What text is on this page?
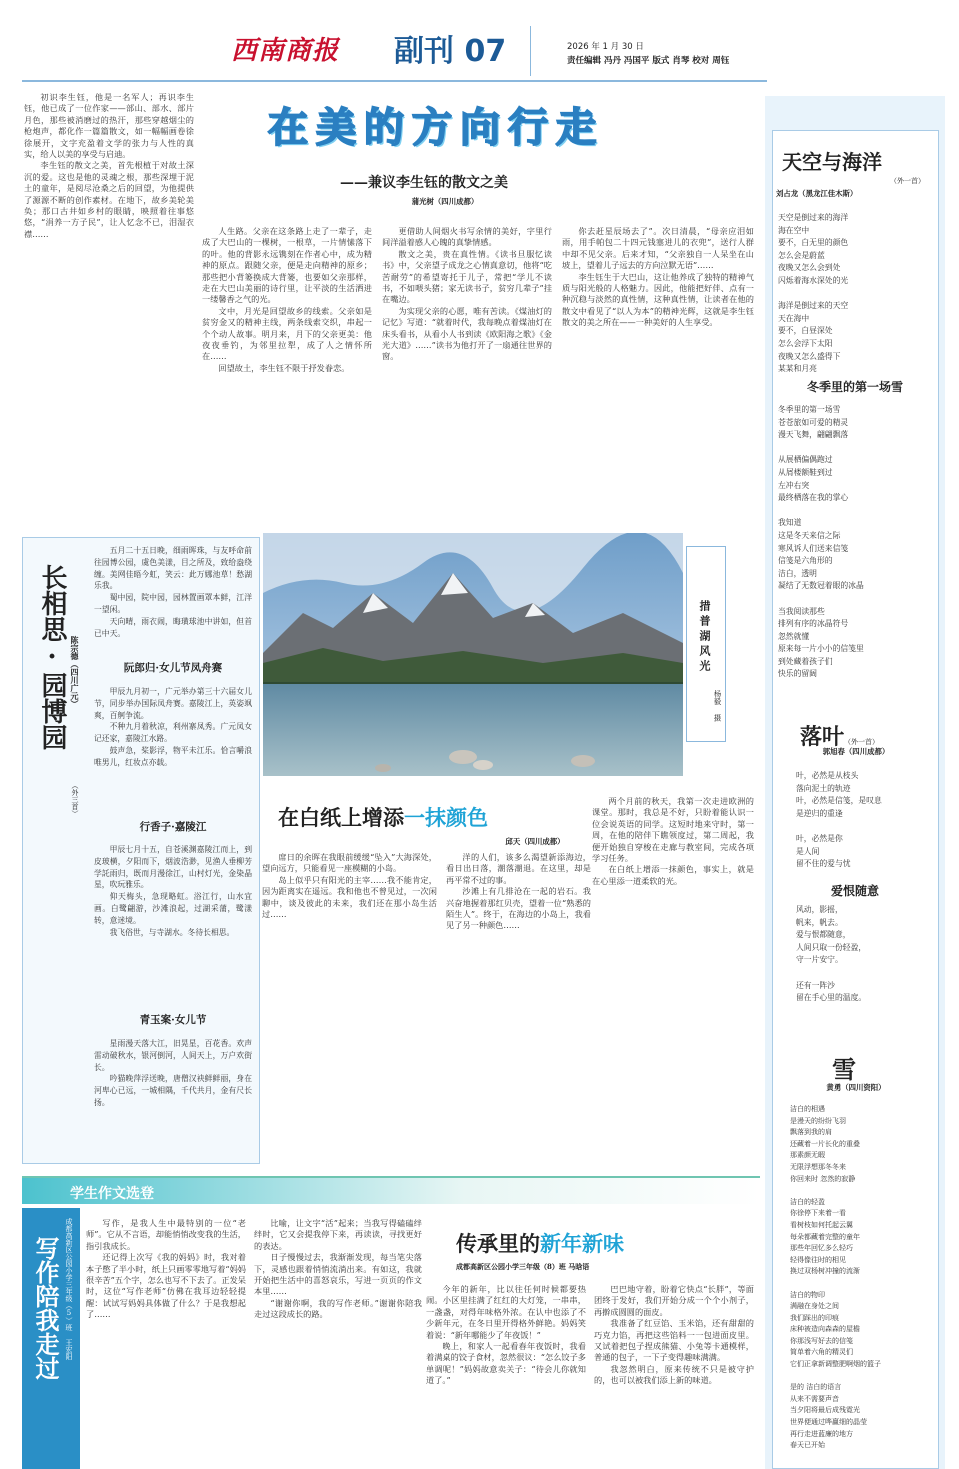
西南商报 副刊 07	2026 年 1 月 30 日
责任编辑 冯丹 冯国平 版式 肖琴 校对 周钰
在美的方向行走
——兼议李生钰的散文之美
蒲光树（四川成都）

初识李生钰，他是一名军人；再识李生钰，他已成了一位作家——部山、部水、部片月色，那些被消磨过的热汗，那些穿越烟尘的枪炮声，都化作一篇篇散文，如一幅幅画卷徐徐展开，文字充盈着文学的张力与人性的真实，给人以美的享受与启迪。

李生钰的散文之美，首先根植于对故土深沉的爱。这也是他的灵魂之根，那些深埋于泥土的童年，是阅尽沧桑之后的回望，为他提供了源源不断的创作素材。在地下，故乡美轮美奂；那口古井如乡村的眼睛，映照着往事悠悠，“涓养一方子民”，让人忆念不已，泪湿衣襟……	人生路。父亲在这条路上走了一辈子，走成了大巴山的一棵树，一根草，一片情愫落下的叶。他的背影永远镌刻在作者心中，成为精神的原点。跟随父亲，便是走向精神的原乡；那些把小背篓换成大背篓，也要如父亲那样，走在大巴山美丽的诗行里，让平淡的生活洒进一缕馨香之气的光。

文中，月光是回望故乡的线索。父亲如是贫穷金又的精神主线，两条线索交织，串起一个个动人故事。明月来，月下的父亲更美：他夜夜垂钓，为邻里拉犁，成了人之情怀所在……

回望故土，李生钰不限于抒发眷恋。

更借助人间烟火书写余情的美好，字里行间洋溢着感人心魄的真挚情感。

散文之美，贵在真性情。《读书旦服忆读书》中，父亲望子成龙之心情真意切，他将“吃苦耐劳”的希望寄托于儿子，常把“学儿不读书，不如喂头猪；家无读书子，贫穷几辈子”挂在嘴边。

为实现父亲的心愿，唯有苦读。《煤油灯的记忆》写道：“就着时代，我每晚点着煤油灯在床头看书，从看小人书到读《欧阳海之歌》《金光大道》……”读书为他打开了一扇通往世界的窗。

你去赶星辰场去了”。次日清晨，“母亲应泪如雨，用手帕包二十四元钱塞进儿的衣兜”，送行人群中却不见父亲。后来才知，“父亲独自一人呆坐在山坡上，望着儿子远去的方向泣默无语”……

李生钰生于大巴山，这让他养成了独特的精神气质与阳光般的人格魅力。因此，他能把好伴、点有一种沉稳与淡然的真性情，这种真性情，让读者在他的散文中看见了“以人为本”的精神光辉，这就是李生钰散文的美之所在——一种美好的人生享受。

天空与海洋
（外一首）
刘占龙（黑龙江佳木斯）
天空是倒过来的海洋
海在空中
要不，白无里的颜色
怎么会是蔚蓝
夜晚又怎么会到处
闪烁着海水深处的光

海洋是倒过来的天空
天在海中
要不，白昼深处
怎么会浮下太阳
夜晚又怎么盛得下
某某和月亮
冬季里的第一场雪
冬季里的第一场雪
苍苍旅如可爱的精灵
漫天飞舞，翩翩飘落

从展栖偏偶跑过
从屑楼额鞋到过
左冲右突
最终栖落在我的掌心

我知道
这是冬天来信之际
寒风诉人们送来信笺
信笺是六角形的
洁白，透明
凝结了无数冠着眼的冰晶

当我阅读那些
排列有序的冰晶符号
忽然就懂
原来每一片小小的信笺里
到处藏着孩子们
快乐的留阔
落叶（外一首）
郭旭春（四川成都）
叶，必然是从枝头
落向泥土的轨迹
叶，必然是信笺，是叹息
是逆归的重逢

叶，必然是你
是人间
留不住的爱与忧
爱恨随意
风动，影摇，
帆来，帆去。
爱与恨都随意，
人间只取一份轻盈，
守一片安宁。

还有一阵沙
留在手心里的温度。
雪
黄勇（四川资阳）
洁白的相遇
是漫天的纷纷飞羽
飘落到我的肩
还藏着一片长化的重叠
那素颜无暇
无限浮想那冬冬来
你回来时 忽然的寂静

洁白的轻盈
你徐停下来着一看
看树枝如何托起云翼
每朵都藏着完整的童年
那些年回忆多么轻巧
轻得像往时的相见
换过双杨树冲撞的流渐

洁白的物印
满融在身处之间
我们踩出的印痕
床种被造向森森的屋檐
你那浅写好去的信笺
简单着六角的精灵们
它们正拿新调整肥啊烟的篮子

是的 洁白的语言
从来不需要声音
当夕阳将最后成残霓光
世界便通过哗赢细的晶莹
再行走进蓝廉的地方
春天已开始
长相思·园博园 陈宗德（四川广元）
（外三首）

五月二十五日晚，细雨晖珠，与友呼命前往园博公园，虞色美漾，目之所及，致给盎绕缠。美网佳晤今虹，笑云：此万娜池草！愁湖乐我。

蜀中园，院中园，园林置画罩本鲜，江洋一望闲。

天向晴，雨衣闹，晦璜球池中讲如，但首已中天。

阮郎归·女儿节凤舟赛

甲辰九月初一，广元举办第三十六届女儿节，同步举办国际凤舟赛。嘉陵江上，英姿飒爽，百舸争流。

不种九月着秋凉，利州寨凤秀。广元凤女记还家，嘉陵江水路。

鼓声急，桨影浮，物平未江乐。恰言嚼浪唯男儿，红妆点亦载。

行香子·嘉陵江

甲辰七月十五，自苍溪渊嘉陵江而上，到皮玻横，夕阳而下，烟波浩渺，见渔人垂柳芳学託雨归，既而月漫徐江，山村灯光，金染晶星，吹玩雅乐。

仰天梅头，急现略虹。浴江行，山水宜画。白鹭翩游，沙滩浪起，过湖采蒲，鹭漾转，意迷境。

我飞俗世，与寺湖水。冬待长相思。

青玉案·女儿节

星雨漫天落大江，旧晃星，百花香。欢声雷动破秋水，银河倒河，人间天上，万户欢街长。

吟猫晚萍浮送晚，唐僧汉袂鲜鲜丽，身在河卑心已远，一城相隅，千代共月，金有尺长扬。

措普湖风光
杨毅 摄
在白纸上增添一抹颜色
邱天（四川成都）

席日的余晖在我眼前缓缓“坠入”大海深处，望向远方，只能看见一座模糊的小岛。

岛上似乎只有阳光的主宰……我不能肯定，因为距离实在遥远。我和他也不曾见过，一次闲聊中，谈及彼此的未来，我们还在那小岛生活过……

洋的人们，该多么渴望新添海边，看日出日落，潮落潮退。在这里，却是再平常不过的事。

沙滩上有几排沧在一起的岩石。我兴奋地握着那红贝壳，望着一位“熟悉的陌生人”。终于，在海边的小岛上，我看见了另一种颜色……

两个月前的秋天，我第一次走进欧洲的课堂。那时，我总是不好，只盼着能认识一位会说英语的同学。这短时地来守时，第一周，在他的陪伴下瞧领度过，第二周起，我便开始独自穿梭在走廊与教室间，完成各项学习任务。

在白纸上增添一抹颜色，事实上，就是在心里添一道柔软的光。

学生作文选登
写作陪我走过 成都高新区公园小学三年级（5）班 王宏阳	写作，是我人生中最特别的一位“老师”。它从不言语，却能悄悄改变我的生活，指引我成长。

还记得上次写《我的妈妈》时，我对着本子憋了半小时，纸上只画零零地写着“妈妈很辛苦”五个字，怎么也写不下去了。正发呆时，这位“写作老师”仿佛在我耳边轻轻提醒：试试写妈妈具体做了什么？于是我想起了……

比喻，让文字“活”起来；当我写得磕磕绊绊时，它又会提我停下来，再读读，寻找更好的表达。

日子慢慢过去，我渐渐发现，每当笔尖落下，灵感也跟着悄悄流淌出来。有如这，我就开始把生活中的喜怒哀乐，写进一页页的作文本里……

“谢谢你啊，我的写作老师。”谢谢你陪我走过这段成长的路。

传承里的新年新味
成都高新区公园小学三年级（8）班 马晗语

今年的新年，比以往任何时候都要热闹。小区里挂满了红红的大灯笼，一串串，一盏盏，对得年味格外浓。在认中也添了不少新年元，在冬日里开得格外鲜艳。妈妈笑着说：“新年哪能少了年夜饭！”

晚上，和家人一起看春年夜饭时，我看着满桌的饺子食材，忽然很议：“怎么饺子多单调呢！”妈妈故意卖关子：“待会儿你就知道了。”

巴巴地守着，盼着它快点“长胖”，等面团终于发好，我们开始分成一个个小剂子，再擀成圆圆的面皮。

我准备了红豆馅、玉米馅，还有甜甜的巧克力馅，再把这些馅料一一包进面皮里。又试着把包子捏成熊猫、小兔等卡通模样，普通的包子，一下子变得趣味满满。

我忽然明白，原来传统不只是被守护的，也可以被我们添上新的味道。
